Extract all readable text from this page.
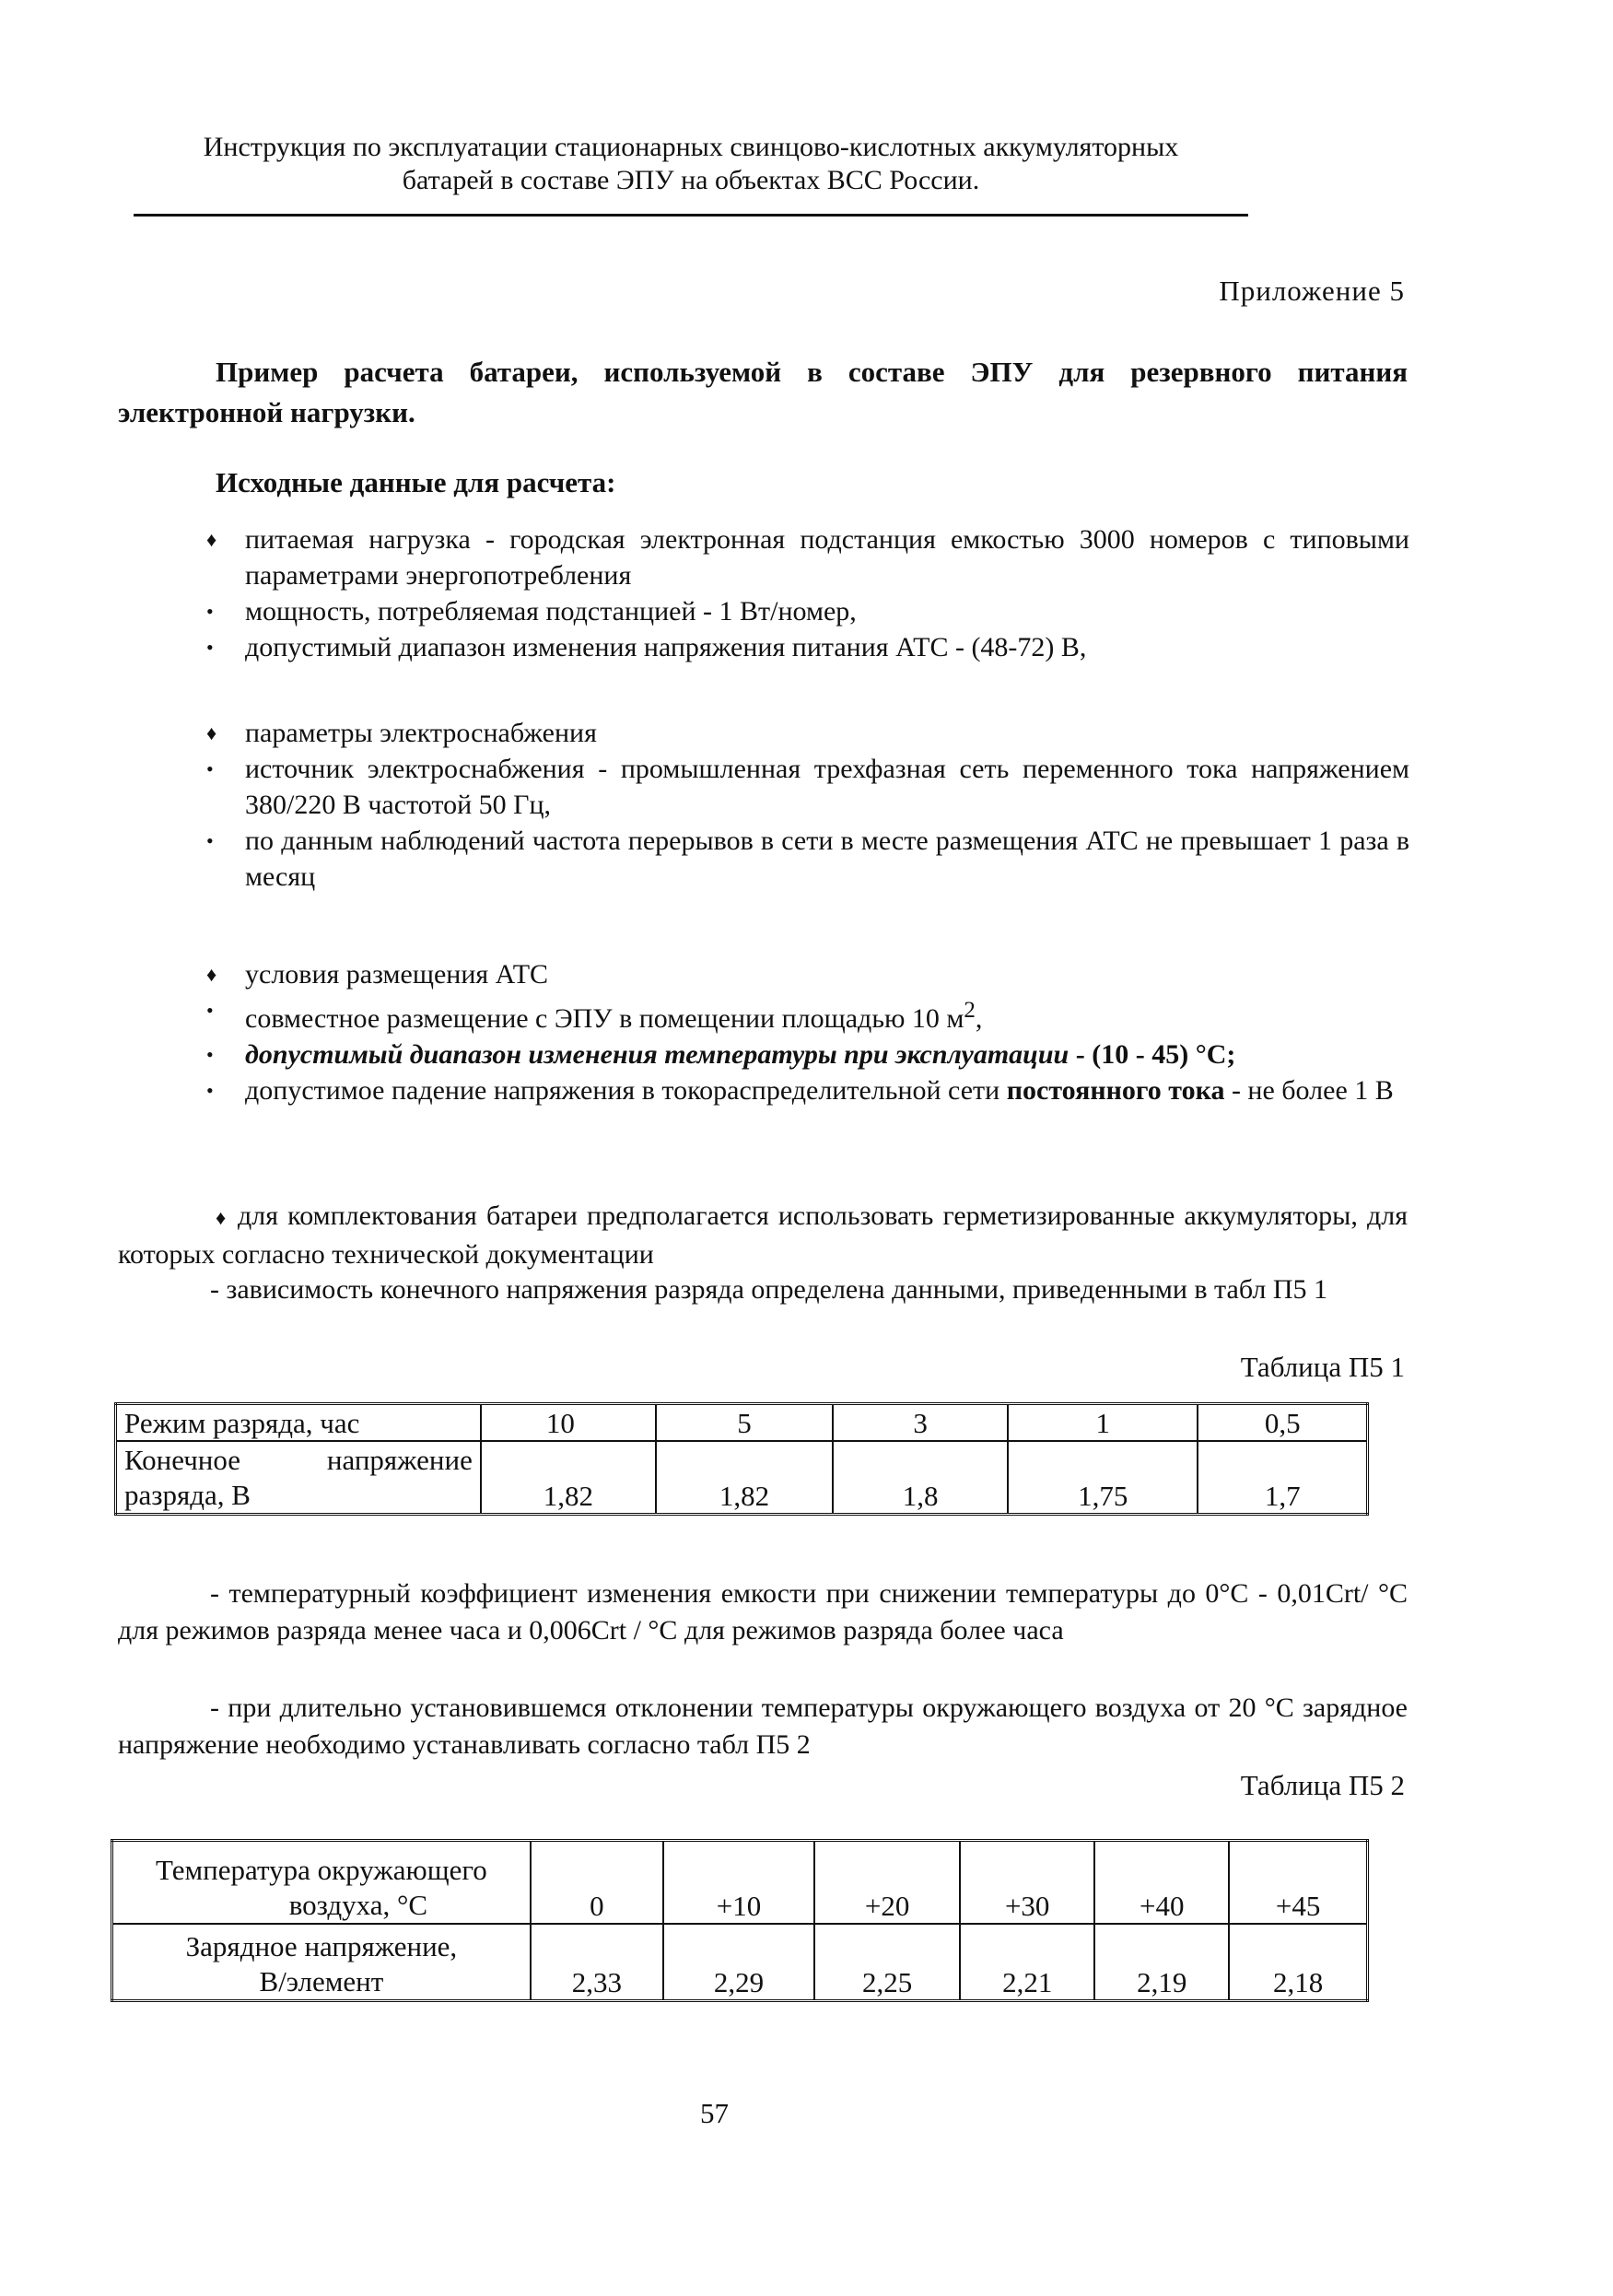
Инструкция по эксплуатации стационарных свинцово-кислотных аккумуляторных
батарей в составе ЭПУ на объектах ВСС России.
Приложение 5
Пример расчета батареи, используемой в составе ЭПУ для резервного питания электронной нагрузки.
Исходные данные для расчета:
♦ питаемая нагрузка - городская электронная подстанция емкостью 3000 номеров с типовыми параметрами энергопотребления
• мощность, потребляемая подстанцией - 1 Вт/номер,
• допустимый диапазон изменения напряжения питания АТС - (48-72) В,
♦ параметры электроснабжения
• источник электроснабжения - промышленная трехфазная сеть переменного тока напряжением 380/220 В частотой 50 Гц,
• по данным наблюдений частота перерывов в сети в месте размещения АТС не превышает 1 раза в месяц
♦ условия размещения АТС
• совместное размещение с ЭПУ в помещении площадью 10 $м^2$,
• допустимый диапазон изменения температуры при эксплуатации - (10 - 45) °С;
• допустимое падение напряжения в токораспределительной сети постоянного тока - не более 1 В
♦ для комплектования батареи предполагается использовать герметизированные аккумуляторы, для которых согласно технической документации
- зависимость конечного напряжения разряда определена данными, приведенными в табл П5 1
Таблица П5 1
Режим разряда, час	10	5	3	1	0,5

Конечное напряжение
разряда, В	1,82	1,82	1,8	1,75	1,7
- температурный коэффициент изменения емкости при снижении температуры до 0°С - 0,01Crt/ °С для режимов разряда менее часа и 0,006Crt / °С для режимов разряда более часа
- при длительно установившемся отклонении температуры окружающего воздуха от 20 °С зарядное напряжение необходимо устанавливать согласно табл П5 2
Таблица П5 2
Температура окружающего
воздуха, °С	0	+10	+20	+30	+40	+45

Зарядное напряжение,
В/элемент	2,33	2,29	2,25	2,21	2,19	2,18
57
